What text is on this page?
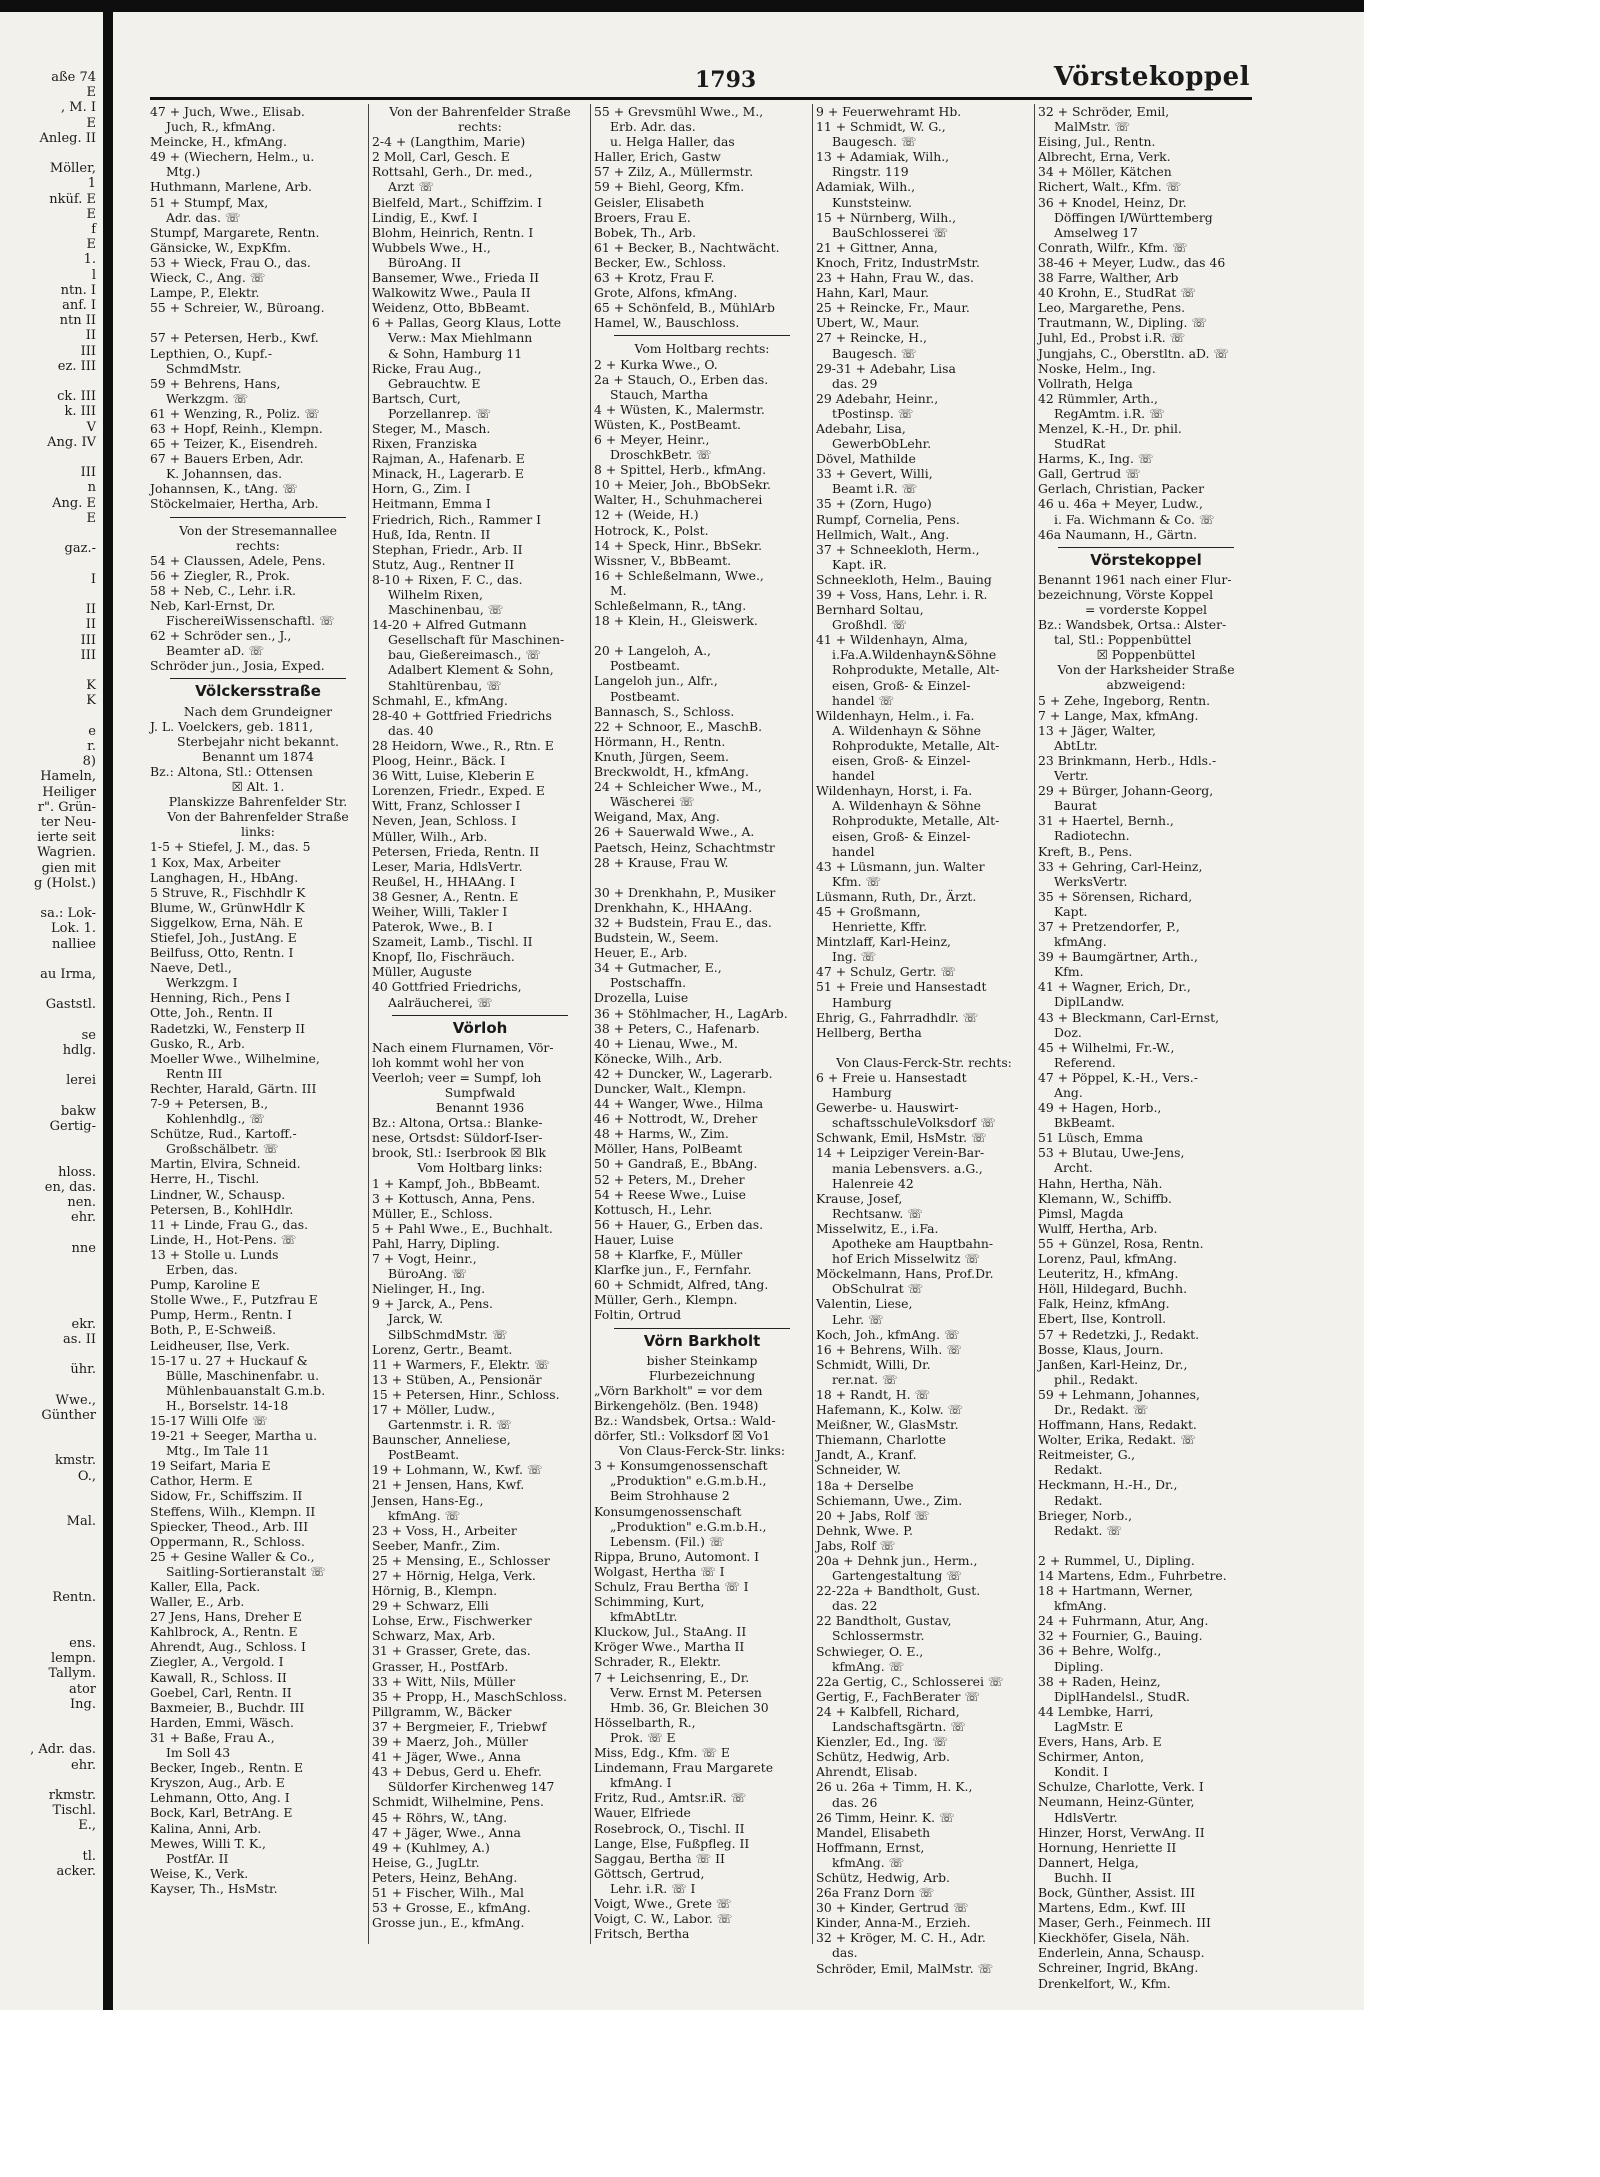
aße 74
E
, M. I
E
Anleg. II

Möller,
1
nküf. E
E
f
E
1.
l
ntn. I
anf. I
ntn II
II
III
ez. III

ck. III
k. III
V
Ang. IV

III
n
Ang. E
E

gaz.-

I

II
II
III
III

K
K

e
r.
8)
Hameln,
Heiliger
r". Grün-
ter Neu-
ierte seit
Wagrien.
gien mit
g (Holst.)

sa.: Lok-
Lok. 1.
nalliee

au Irma,

Gaststl.

se
hdlg.

lerei

bakw
Gertig-

hloss.
en, das.
nen.
ehr.

nne

ekr.
as. II

ühr.

Wwe.,
Günther

kmstr.
O.,

Mal.

Rentn.

ens.
lempn.
Tallym.
ator
Ing.

, Adr. das.
ehr.

rkmstr.
Tischl.
E.,

tl.
acker.
1793	Vörstekoppel
47 + Juch, Wwe., Elisab.
Juch, R., kfmAng.
Meincke, H., kfmAng.
49 + (Wiechern, Helm., u.
Mtg.)
Huthmann, Marlene, Arb.
51 + Stumpf, Max,
Adr. das. ☏
Stumpf, Margarete, Rentn.
Gänsicke, W., ExpKfm.
53 + Wieck, Frau O., das.
Wieck, C., Ang. ☏
Lampe, P., Elektr.
55 + Schreier, W., Büroang.

57 + Petersen, Herb., Kwf.
Lepthien, O., Kupf.-
SchmdMstr.
59 + Behrens, Hans,
Werkzgm. ☏
61 + Wenzing, R., Poliz. ☏
63 + Hopf, Reinh., Klempn.
65 + Teizer, K., Eisendreh.
67 + Bauers Erben, Adr.
K. Johannsen, das.
Johannsen, K., tAng. ☏
Stöckelmaier, Hertha, Arb.
Von der Stresemannallee
rechts:
54 + Claussen, Adele, Pens.
56 + Ziegler, R., Prok.
58 + Neb, C., Lehr. i.R.
Neb, Karl-Ernst, Dr.
FischereiWissenschaftl. ☏
62 + Schröder sen., J.,
Beamter aD. ☏
Schröder jun., Josia, Exped.
Völckersstraße
Nach dem Grundeigner
J. L. Voelckers, geb. 1811,
Sterbejahr nicht bekannt.
Benannt um 1874
Bz.: Altona, Stl.: Ottensen
☒ Alt. 1.
Planskizze Bahrenfelder Str.
Von der Bahrenfelder Straße
links:
1-5 + Stiefel, J. M., das. 5
1 Kox, Max, Arbeiter
Langhagen, H., HbAng.
5 Struve, R., Fischhdlr K
Blume, W., GrünwHdlr K
Siggelkow, Erna, Näh. E
Stiefel, Joh., JustAng. E
Beilfuss, Otto, Rentn. I
Naeve, Detl.,
Werkzgm. I
Henning, Rich., Pens I
Otte, Joh., Rentn. II
Radetzki, W., Fensterp II
Gusko, R., Arb.
Moeller Wwe., Wilhelmine,
Rentn III
Rechter, Harald, Gärtn. III
7-9 + Petersen, B.,
Kohlenhdlg., ☏
Schütze, Rud., Kartoff.-
Großschälbetr. ☏
Martin, Elvira, Schneid.
Herre, H., Tischl.
Lindner, W., Schausp.
Petersen, B., KohlHdlr.
11 + Linde, Frau G., das.
Linde, H., Hot-Pens. ☏
13 + Stolle u. Lunds
Erben, das.
Pump, Karoline E
Stolle Wwe., F., Putzfrau E
Pump, Herm., Rentn. I
Both, P., E-Schweiß.
Leidheuser, Ilse, Verk.
15-17 u. 27 + Huckauf &
Bülle, Maschinenfabr. u.
Mühlenbauanstalt G.m.b.
H., Borselstr. 14-18
15-17 Willi Olfe ☏
19-21 + Seeger, Martha u.
Mtg., Im Tale 11
19 Seifart, Maria E
Cathor, Herm. E
Sidow, Fr., Schiffszim. II
Steffens, Wilh., Klempn. II
Spiecker, Theod., Arb. III
Oppermann, R., Schloss.
25 + Gesine Waller & Co.,
Saitling-Sortieranstalt ☏
Kaller, Ella, Pack.
Waller, E., Arb.
27 Jens, Hans, Dreher E
Kahlbrock, A., Rentn. E
Ahrendt, Aug., Schloss. I
Ziegler, A., Vergold. I
Kawall, R., Schloss. II
Goebel, Carl, Rentn. II
Baxmeier, B., Buchdr. III
Harden, Emmi, Wäsch.
31 + Baße, Frau A.,
Im Soll 43
Becker, Ingeb., Rentn. E
Kryszon, Aug., Arb. E
Lehmann, Otto, Ang. I
Bock, Karl, BetrAng. E
Kalina, Anni, Arb.
Mewes, Willi T. K.,
PostfAr. II
Weise, K., Verk.
Kayser, Th., HsMstr.
Von der Bahrenfelder Straße
rechts:
2-4 + (Langthim, Marie)
2 Moll, Carl, Gesch. E
Rottsahl, Gerh., Dr. med.,
Arzt ☏
Bielfeld, Mart., Schiffzim. I
Lindig, E., Kwf. I
Blohm, Heinrich, Rentn. I
Wubbels Wwe., H.,
BüroAng. II
Bansemer, Wwe., Frieda II
Walkowitz Wwe., Paula II
Weidenz, Otto, BbBeamt.
6 + Pallas, Georg Klaus, Lotte
Verw.: Max Miehlmann
& Sohn, Hamburg 11
Ricke, Frau Aug.,
Gebrauchtw. E
Bartsch, Curt,
Porzellanrep. ☏
Steger, M., Masch.
Rixen, Franziska
Rajman, A., Hafenarb. E
Minack, H., Lagerarb. E
Horn, G., Zim. I
Heitmann, Emma I
Friedrich, Rich., Rammer I
Huß, Ida, Rentn. II
Stephan, Friedr., Arb. II
Stutz, Aug., Rentner II
8-10 + Rixen, F. C., das.
Wilhelm Rixen,
Maschinenbau, ☏
14-20 + Alfred Gutmann
Gesellschaft für Maschinen-
bau, Gießereimasch., ☏
Adalbert Klement & Sohn,
Stahltürenbau, ☏
Schmahl, E., kfmAng.
28-40 + Gottfried Friedrichs
das. 40
28 Heidorn, Wwe., R., Rtn. E
Ploog, Heinr., Bäck. I
36 Witt, Luise, Kleberin E
Lorenzen, Friedr., Exped. E
Witt, Franz, Schlosser I
Neven, Jean, Schloss. I
Müller, Wilh., Arb.
Petersen, Frieda, Rentn. II
Leser, Maria, HdlsVertr.
Reußel, H., HHAAng. I
38 Gesner, A., Rentn. E
Weiher, Willi, Takler I
Paterok, Wwe., B. I
Szameit, Lamb., Tischl. II
Knopf, Ilo, Fischräuch.
Müller, Auguste
40 Gottfried Friedrichs,
Aalräucherei, ☏
Vörloh
Nach einem Flurnamen, Vör-
loh kommt wohl her von
Veerloh; veer = Sumpf, loh
Sumpfwald
Benannt 1936
Bz.: Altona, Ortsa.: Blanke-
nese, Ortsdst: Süldorf-Iser-
brook, Stl.: Iserbrook ☒ Blk
Vom Holtbarg links:
1 + Kampf, Joh., BbBeamt.
3 + Kottusch, Anna, Pens.
Müller, E., Schloss.
5 + Pahl Wwe., E., Buchhalt.
Pahl, Harry, Dipling.
7 + Vogt, Heinr.,
BüroAng. ☏
Nielinger, H., Ing.
9 + Jarck, A., Pens.
Jarck, W.
SilbSchmdMstr. ☏
Lorenz, Gertr., Beamt.
11 + Warmers, F., Elektr. ☏
13 + Stüben, A., Pensionär
15 + Petersen, Hinr., Schloss.
17 + Möller, Ludw.,
Gartenmstr. i. R. ☏
Baunscher, Anneliese,
PostBeamt.
19 + Lohmann, W., Kwf. ☏
21 + Jensen, Hans, Kwf.
Jensen, Hans-Eg.,
kfmAng. ☏
23 + Voss, H., Arbeiter
Seeber, Manfr., Zim.
25 + Mensing, E., Schlosser
27 + Hörnig, Helga, Verk.
Hörnig, B., Klempn.
29 + Schwarz, Elli
Lohse, Erw., Fischwerker
Schwarz, Max, Arb.
31 + Grasser, Grete, das.
Grasser, H., PostfArb.
33 + Witt, Nils, Müller
35 + Propp, H., MaschSchloss.
Pillgramm, W., Bäcker
37 + Bergmeier, F., Triebwf
39 + Maerz, Joh., Müller
41 + Jäger, Wwe., Anna
43 + Debus, Gerd u. Ehefr.
Süldorfer Kirchenweg 147
Schmidt, Wilhelmine, Pens.
45 + Röhrs, W., tAng.
47 + Jäger, Wwe., Anna
49 + (Kuhlmey, A.)
Heise, G., JugLtr.
Peters, Heinz, BehAng.
51 + Fischer, Wilh., Mal
53 + Grosse, E., kfmAng.
Grosse jun., E., kfmAng.
55 + Grevsmühl Wwe., M.,
Erb. Adr. das.
u. Helga Haller, das
Haller, Erich, Gastw
57 + Zilz, A., Müllermstr.
59 + Biehl, Georg, Kfm.
Geisler, Elisabeth
Broers, Frau E.
Bobek, Th., Arb.
61 + Becker, B., Nachtwächt.
Becker, Ew., Schloss.
63 + Krotz, Frau F.
Grote, Alfons, kfmAng.
65 + Schönfeld, B., MühlArb
Hamel, W., Bauschloss.
Vom Holtbarg rechts:
2 + Kurka Wwe., O.
2a + Stauch, O., Erben das.
Stauch, Martha
4 + Wüsten, K., Malermstr.
Wüsten, K., PostBeamt.
6 + Meyer, Heinr.,
DroschkBetr. ☏
8 + Spittel, Herb., kfmAng.
10 + Meier, Joh., BbObSekr.
Walter, H., Schuhmacherei
12 + (Weide, H.)
Hotrock, K., Polst.
14 + Speck, Hinr., BbSekr.
Wissner, V., BbBeamt.
16 + Schleßelmann, Wwe.,
M.
Schleßelmann, R., tAng.
18 + Klein, H., Gleiswerk.

20 + Langeloh, A.,
Postbeamt.
Langeloh jun., Alfr.,
Postbeamt.
Bannasch, S., Schloss.
22 + Schnoor, E., MaschB.
Hörmann, H., Rentn.
Knuth, Jürgen, Seem.
Breckwoldt, H., kfmAng.
24 + Schleicher Wwe., M.,
Wäscherei ☏
Weigand, Max, Ang.
26 + Sauerwald Wwe., A.
Paetsch, Heinz, Schachtmstr
28 + Krause, Frau W.

30 + Drenkhahn, P., Musiker
Drenkhahn, K., HHAAng.
32 + Budstein, Frau E., das.
Budstein, W., Seem.
Heuer, E., Arb.
34 + Gutmacher, E.,
Postschaffn.
Drozella, Luise
36 + Stöhlmacher, H., LagArb.
38 + Peters, C., Hafenarb.
40 + Lienau, Wwe., M.
Könecke, Wilh., Arb.
42 + Duncker, W., Lagerarb.
Duncker, Walt., Klempn.
44 + Wanger, Wwe., Hilma
46 + Nottrodt, W., Dreher
48 + Harms, W., Zim.
Möller, Hans, PolBeamt
50 + Gandraß, E., BbAng.
52 + Peters, M., Dreher
54 + Reese Wwe., Luise
Kottusch, H., Lehr.
56 + Hauer, G., Erben das.
Hauer, Luise
58 + Klarfke, F., Müller
Klarfke jun., F., Fernfahr.
60 + Schmidt, Alfred, tAng.
Müller, Gerh., Klempn.
Foltin, Ortrud
Vörn Barkholt
bisher Steinkamp
Flurbezeichnung
„Vörn Barkholt" = vor dem
Birkengehölz. (Ben. 1948)
Bz.: Wandsbek, Ortsa.: Wald-
dörfer, Stl.: Volksdorf ☒ Vo1
Von Claus-Ferck-Str. links:
3 + Konsumgenossenschaft
„Produktion" e.G.m.b.H.,
Beim Strohhause 2
Konsumgenossenschaft
„Produktion" e.G.m.b.H.,
Lebensm. (Fil.) ☏
Rippa, Bruno, Automont. I
Wolgast, Hertha ☏ I
Schulz, Frau Bertha ☏ I
Schimming, Kurt,
kfmAbtLtr.
Kluckow, Jul., StaAng. II
Kröger Wwe., Martha II
Schrader, R., Elektr.
7 + Leichsenring, E., Dr.
Verw. Ernst M. Petersen
Hmb. 36, Gr. Bleichen 30
Hösselbarth, R.,
Prok. ☏ E
Miss, Edg., Kfm. ☏ E
Lindemann, Frau Margarete
kfmAng. I
Fritz, Rud., Amtsr.iR. ☏
Wauer, Elfriede
Rosebrock, O., Tischl. II
Lange, Else, Fußpfleg. II
Saggau, Bertha ☏ II
Göttsch, Gertrud,
Lehr. i.R. ☏ I
Voigt, Wwe., Grete ☏
Voigt, C. W., Labor. ☏
Fritsch, Bertha
9 + Feuerwehramt Hb.
11 + Schmidt, W. G.,
Baugesch. ☏
13 + Adamiak, Wilh.,
Ringstr. 119
Adamiak, Wilh.,
Kunststeinw.
15 + Nürnberg, Wilh.,
BauSchlosserei ☏
21 + Gittner, Anna,
Knoch, Fritz, IndustrMstr.
23 + Hahn, Frau W., das.
Hahn, Karl, Maur.
25 + Reincke, Fr., Maur.
Ubert, W., Maur.
27 + Reincke, H.,
Baugesch. ☏
29-31 + Adebahr, Lisa
das. 29
29 Adebahr, Heinr.,
tPostinsp. ☏
Adebahr, Lisa,
GewerbObLehr.
Dövel, Mathilde
33 + Gevert, Willi,
Beamt i.R. ☏
35 + (Zorn, Hugo)
Rumpf, Cornelia, Pens.
Hellmich, Walt., Ang.
37 + Schneekloth, Herm.,
Kapt. iR.
Schneekloth, Helm., Bauing
39 + Voss, Hans, Lehr. i. R.
Bernhard Soltau,
Großhdl. ☏
41 + Wildenhayn, Alma,
i.Fa.A.Wildenhayn&Söhne
Rohprodukte, Metalle, Alt-
eisen, Groß- & Einzel-
handel ☏
Wildenhayn, Helm., i. Fa.
A. Wildenhayn & Söhne
Rohprodukte, Metalle, Alt-
eisen, Groß- & Einzel-
handel
Wildenhayn, Horst, i. Fa.
A. Wildenhayn & Söhne
Rohprodukte, Metalle, Alt-
eisen, Groß- & Einzel-
handel
43 + Lüsmann, jun. Walter
Kfm. ☏
Lüsmann, Ruth, Dr., Ärzt.
45 + Großmann,
Henriette, Kffr.
Mintzlaff, Karl-Heinz,
Ing. ☏
47 + Schulz, Gertr. ☏
51 + Freie und Hansestadt
Hamburg
Ehrig, G., Fahrradhdlr. ☏
Hellberg, Bertha

Von Claus-Ferck-Str. rechts:
6 + Freie u. Hansestadt
Hamburg
Gewerbe- u. Hauswirt-
schaftsschuleVolksdorf ☏
Schwank, Emil, HsMstr. ☏
14 + Leipziger Verein-Bar-
mania Lebensvers. a.G.,
Halenreie 42
Krause, Josef,
Rechtsanw. ☏
Misselwitz, E., i.Fa.
Apotheke am Hauptbahn-
hof Erich Misselwitz ☏
Möckelmann, Hans, Prof.Dr.
ObSchulrat ☏
Valentin, Liese,
Lehr. ☏
Koch, Joh., kfmAng. ☏
16 + Behrens, Wilh. ☏
Schmidt, Willi, Dr.
rer.nat. ☏
18 + Randt, H. ☏
Hafemann, K., Kolw. ☏
Meißner, W., GlasMstr.
Thiemann, Charlotte
Jandt, A., Kranf.
Schneider, W.
18a + Derselbe
Schiemann, Uwe., Zim.
20 + Jabs, Rolf ☏
Dehnk, Wwe. P.
Jabs, Rolf ☏
20a + Dehnk jun., Herm.,
Gartengestaltung ☏
22-22a + Bandtholt, Gust.
das. 22
22 Bandtholt, Gustav,
Schlossermstr.
Schwieger, O. E.,
kfmAng. ☏
22a Gertig, C., Schlosserei ☏
Gertig, F., FachBerater ☏
24 + Kalbfell, Richard,
Landschaftsgärtn. ☏
Kienzler, Ed., Ing. ☏
Schütz, Hedwig, Arb.
Ahrendt, Elisab.
26 u. 26a + Timm, H. K.,
das. 26
26 Timm, Heinr. K. ☏
Mandel, Elisabeth
Hoffmann, Ernst,
kfmAng. ☏
Schütz, Hedwig, Arb.
26a Franz Dorn ☏
30 + Kinder, Gertrud ☏
Kinder, Anna-M., Erzieh.
32 + Kröger, M. C. H., Adr.
das.
Schröder, Emil, MalMstr. ☏
32 + Schröder, Emil,
MalMstr. ☏
Eising, Jul., Rentn.
Albrecht, Erna, Verk.
34 + Möller, Kätchen
Richert, Walt., Kfm. ☏
36 + Knodel, Heinz, Dr.
Döffingen I/Württemberg
Amselweg 17
Conrath, Wilfr., Kfm. ☏
38-46 + Meyer, Ludw., das 46
38 Farre, Walther, Arb
40 Krohn, E., StudRat ☏
Leo, Margarethe, Pens.
Trautmann, W., Dipling. ☏
Juhl, Ed., Probst i.R. ☏
Jungjahs, C., Oberstltn. aD. ☏
Noske, Helm., Ing.
Vollrath, Helga
42 Rümmler, Arth.,
RegAmtm. i.R. ☏
Menzel, K.-H., Dr. phil.
StudRat
Harms, K., Ing. ☏
Gall, Gertrud ☏
Gerlach, Christian, Packer
46 u. 46a + Meyer, Ludw.,
i. Fa. Wichmann & Co. ☏
46a Naumann, H., Gärtn.
Vörstekoppel
Benannt 1961 nach einer Flur-
bezeichnung, Vörste Koppel
= vorderste Koppel
Bz.: Wandsbek, Ortsa.: Alster-
tal, Stl.: Poppenbüttel
☒ Poppenbüttel
Von der Harksheider Straße
abzweigend:
5 + Zehe, Ingeborg, Rentn.
7 + Lange, Max, kfmAng.
13 + Jäger, Walter,
AbtLtr.
23 Brinkmann, Herb., Hdls.-
Vertr.
29 + Bürger, Johann-Georg,
Baurat
31 + Haertel, Bernh.,
Radiotechn.
Kreft, B., Pens.
33 + Gehring, Carl-Heinz,
WerksVertr.
35 + Sörensen, Richard,
Kapt.
37 + Pretzendorfer, P.,
kfmAng.
39 + Baumgärtner, Arth.,
Kfm.
41 + Wagner, Erich, Dr.,
DiplLandw.
43 + Bleckmann, Carl-Ernst,
Doz.
45 + Wilhelmi, Fr.-W.,
Referend.
47 + Pöppel, K.-H., Vers.-
Ang.
49 + Hagen, Horb.,
BkBeamt.
51 Lüsch, Emma
53 + Blutau, Uwe-Jens,
Archt.
Hahn, Hertha, Näh.
Klemann, W., Schiffb.
Pimsl, Magda
Wulff, Hertha, Arb.
55 + Günzel, Rosa, Rentn.
Lorenz, Paul, kfmAng.
Leuteritz, H., kfmAng.
Höll, Hildegard, Buchh.
Falk, Heinz, kfmAng.
Ebert, Ilse, Kontroll.
57 + Redetzki, J., Redakt.
Bosse, Klaus, Journ.
Janßen, Karl-Heinz, Dr.,
phil., Redakt.
59 + Lehmann, Johannes,
Dr., Redakt. ☏
Hoffmann, Hans, Redakt.
Wolter, Erika, Redakt. ☏
Reitmeister, G.,
Redakt.
Heckmann, H.-H., Dr.,
Redakt.
Brieger, Norb.,
Redakt. ☏

2 + Rummel, U., Dipling.
14 Martens, Edm., Fuhrbetre.
18 + Hartmann, Werner,
kfmAng.
24 + Fuhrmann, Atur, Ang.
32 + Fournier, G., Bauing.
36 + Behre, Wolfg.,
Dipling.
38 + Raden, Heinz,
DiplHandelsl., StudR.
44 Lembke, Harri,
LagMstr. E
Evers, Hans, Arb. E
Schirmer, Anton,
Kondit. I
Schulze, Charlotte, Verk. I
Neumann, Heinz-Günter,
HdlsVertr.
Hinzer, Horst, VerwAng. II
Hornung, Henriette II
Dannert, Helga,
Buchh. II
Bock, Günther, Assist. III
Martens, Edm., Kwf. III
Maser, Gerh., Feinmech. III
Kieckhöfer, Gisela, Näh.
Enderlein, Anna, Schausp.
Schreiner, Ingrid, BkAng.
Drenkelfort, W., Kfm.
